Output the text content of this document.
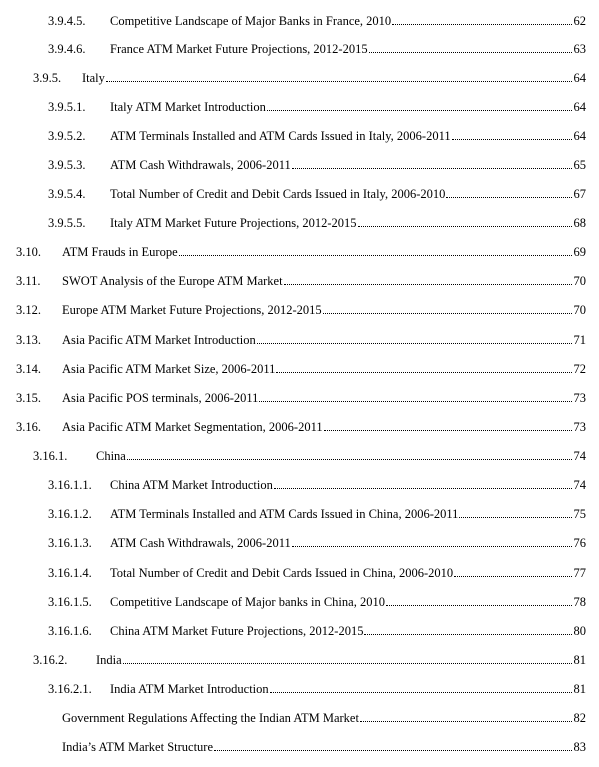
3.9.4.5. Competitive Landscape of Major Banks in France, 2010	62
3.9.4.6. France ATM Market Future Projections, 2012-2015	63
3.9.5. Italy	64
3.9.5.1. Italy ATM Market Introduction	64
3.9.5.2. ATM Terminals Installed and ATM Cards Issued in Italy, 2006-2011	64
3.9.5.3. ATM Cash Withdrawals, 2006-2011	65
3.9.5.4. Total Number of Credit and Debit Cards Issued in Italy, 2006-2010	67
3.9.5.5. Italy ATM Market Future Projections, 2012-2015	68
3.10. ATM Frauds in Europe	69
3.11. SWOT Analysis of the Europe ATM Market	70
3.12. Europe ATM Market Future Projections, 2012-2015	70
3.13. Asia Pacific ATM Market Introduction	71
3.14. Asia Pacific ATM Market Size, 2006-2011	72
3.15. Asia Pacific POS terminals, 2006-2011	73
3.16. Asia Pacific ATM Market Segmentation, 2006-2011	73
3.16.1. China	74
3.16.1.1. China ATM Market Introduction	74
3.16.1.2. ATM Terminals Installed and ATM Cards Issued in China, 2006-2011	75
3.16.1.3. ATM Cash Withdrawals, 2006-2011	76
3.16.1.4. Total Number of Credit and Debit Cards Issued in China, 2006-2010	77
3.16.1.5. Competitive Landscape of Major banks in China, 2010	78
3.16.1.6. China ATM Market Future Projections, 2012-2015	80
3.16.2. India	81
3.16.2.1. India ATM Market Introduction	81
Government Regulations Affecting the Indian ATM Market	82
India’s ATM Market Structure	83
